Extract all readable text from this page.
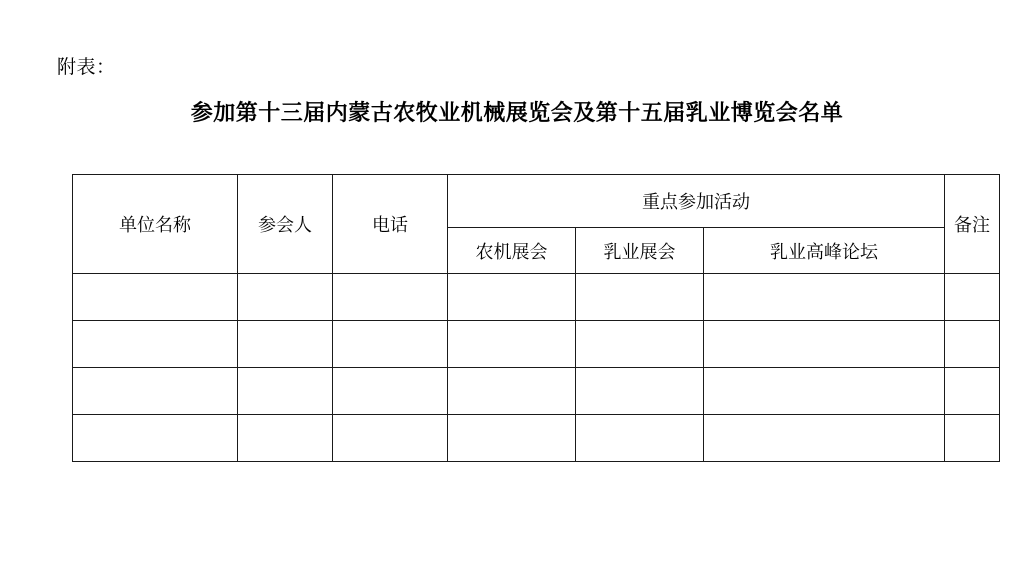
附表：
参加第十三届内蒙古农牧业机械展览会及第十五届乳业博览会名单
单位名称	参会人	电话	重点参加活动			备注
			农机展会	乳业展会	乳业高峰论坛	
